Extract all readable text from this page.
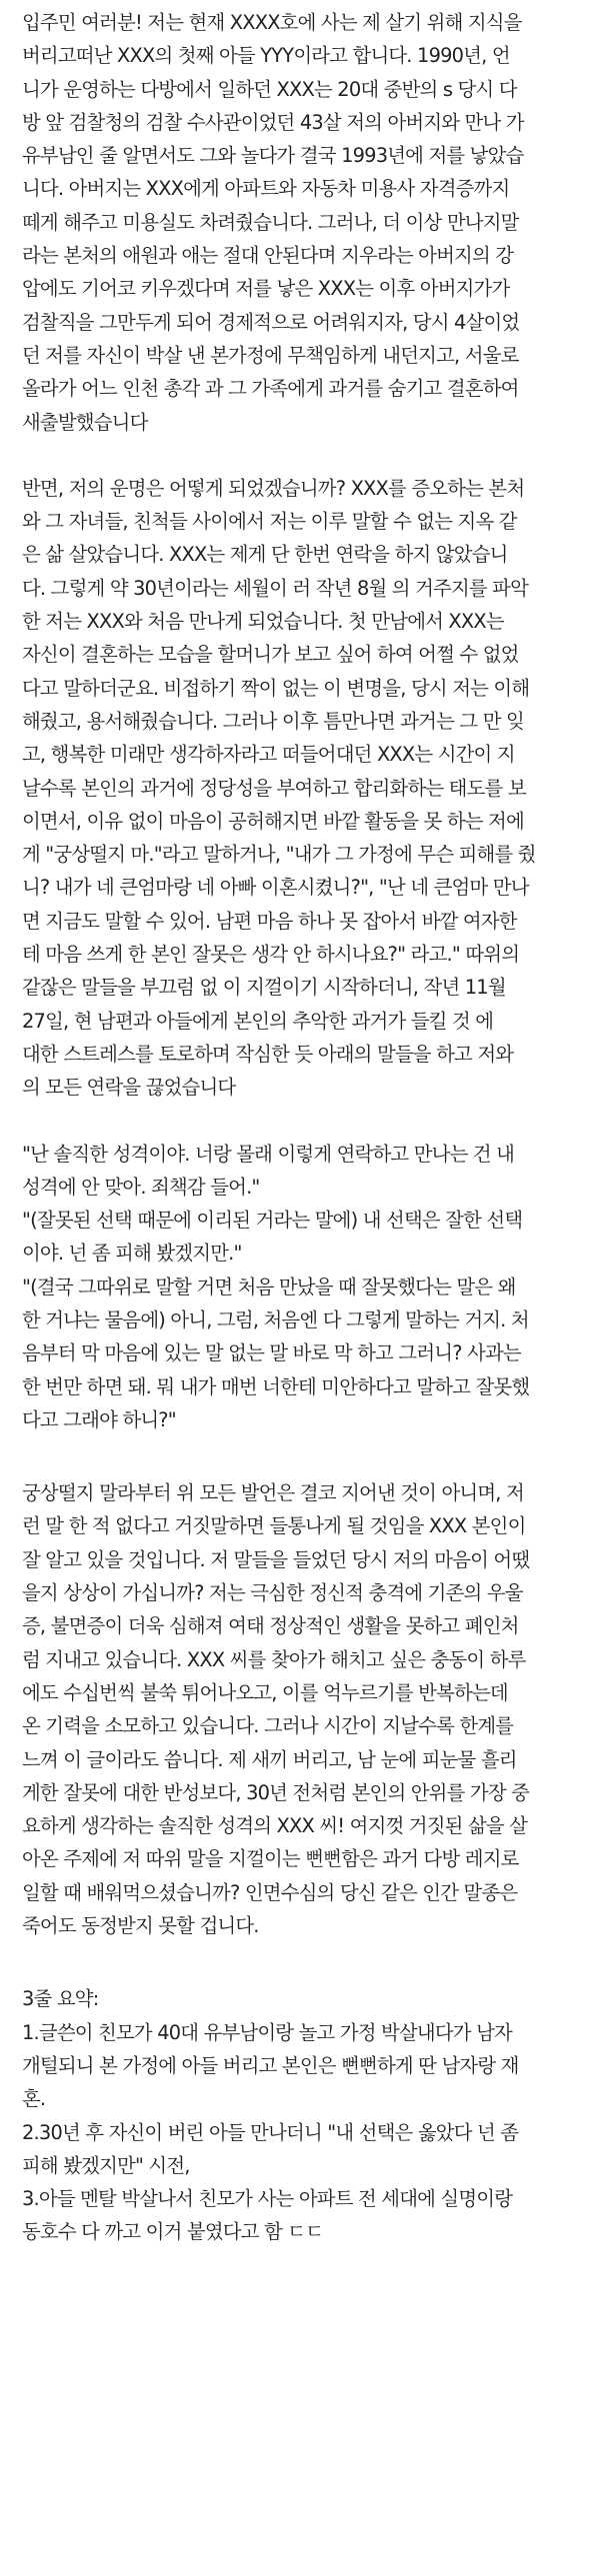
입주민 여러분! 저는 현재 XXXX호에 사는 제 살기 위해 지식을
버리고떠난 XXX의 첫째 아들 YYY이라고 합니다. 1990년, 언
니가 운영하는 다방에서 일하던 XXX는 20대 중반의 s 당시 다
방 앞 검찰청의 검찰 수사관이었던 43살 저의 아버지와 만나 가
유부남인 줄 알면서도 그와 놀다가 결국 1993년에 저를 낳았습
니다. 아버지는 XXX에게 아파트와 자동차 미용사 자격증까지
떼게 해주고 미용실도 차려줬습니다. 그러나, 더 이상 만나지말
라는 본처의 애원과 애는 절대 안된다며 지우라는 아버지의 강
압에도 기어코 키우겠다며 저를 낳은 XXX는 이후 아버지가가
검찰직을 그만두게 되어 경제적으로 어려워지자, 당시 4살이었
던 저를 자신이 박살 낸 본가정에 무책임하게 내던지고, 서울로
올라가 어느 인천 총각 과 그 가족에게 과거를 숨기고 결혼하여
새출발했습니다
반면, 저의 운명은 어떻게 되었겠습니까? XXX를 증오하는 본처
와 그 자녀들, 친척들 사이에서 저는 이루 말할 수 없는 지옥 같
은 삶 살았습니다. XXX는 제게 단 한번 연락을 하지 않았습니
다. 그렇게 약 30년이라는 세월이 러 작년 8월 의 거주지를 파악
한 저는 XXX와 처음 만나게 되었습니다. 첫 만남에서 XXX는
자신이 결혼하는 모습을 할머니가 보고 싶어 하여 어쩔 수 없었
다고 말하더군요. 비접하기 짝이 없는 이 변명을, 당시 저는 이해
해줬고, 용서해줬습니다. 그러나 이후 틈만나면 과거는 그 만 잊
고, 행복한 미래만 생각하자라고 떠들어대던 XXX는 시간이 지
날수록 본인의 과거에 정당성을 부여하고 합리화하는 태도를 보
이면서, 이유 없이 마음이 공허해지면 바깥 활동을 못 하는 저에
게 "궁상떨지 마."라고 말하거나, "내가 그 가정에 무슨 피해를 줬
니? 내가 네 큰엄마랑 네 아빠 이혼시켰니?", "난 네 큰엄마 만나
면 지금도 말할 수 있어. 남편 마음 하나 못 잡아서 바깥 여자한
테 마음 쓰게 한 본인 잘못은 생각 안 하시나요?" 라고." 따위의
같잖은 말들을 부끄럼 없 이 지껄이기 시작하더니, 작년 11월
27일, 현 남편과 아들에게 본인의 추악한 과거가 들킬 것 에
대한 스트레스를 토로하며 작심한 듯 아래의 말들을 하고 저와
의 모든 연락을 끊었습니다
"난 솔직한 성격이야. 너랑 몰래 이렇게 연락하고 만나는 건 내
성격에 안 맞아. 죄책감 들어."
"(잘못된 선택 때문에 이리된 거라는 말에) 내 선택은 잘한 선택
이야. 넌 좀 피해 봤겠지만."
"(결국 그따위로 말할 거면 처음 만났을 때 잘못했다는 말은 왜
한 거냐는 물음에) 아니, 그럼, 처음엔 다 그렇게 말하는 거지. 처
음부터 막 마음에 있는 말 없는 말 바로 막 하고 그러니? 사과는
한 번만 하면 돼. 뭐 내가 매번 너한테 미안하다고 말하고 잘못했
다고 그래야 하니?"
궁상떨지 말라부터 위 모든 발언은 결코 지어낸 것이 아니며, 저
런 말 한 적 없다고 거짓말하면 들통나게 될 것임을 XXX 본인이
잘 알고 있을 것입니다. 저 말들을 들었던 당시 저의 마음이 어땠
을지 상상이 가십니까? 저는 극심한 정신적 충격에 기존의 우울
증, 불면증이 더욱 심해져 여태 정상적인 생활을 못하고 폐인처
럼 지내고 있습니다. XXX 씨를 찾아가 해치고 싶은 충동이 하루
에도 수십번씩 불쑥 튀어나오고, 이를 억누르기를 반복하는데
온 기력을 소모하고 있습니다. 그러나 시간이 지날수록 한계를
느껴 이 글이라도 씁니다. 제 새끼 버리고, 남 눈에 피눈물 흘리
게한 잘못에 대한 반성보다, 30년 전처럼 본인의 안위를 가장 중
요하게 생각하는 솔직한 성격의 XXX 씨! 여지껏 거짓된 삶을 살
아온 주제에 저 따위 말을 지껄이는 뻔뻔함은 과거 다방 레지로
일할 때 배워먹으셨습니까? 인면수심의 당신 같은 인간 말종은
죽어도 동정받지 못할 겁니다.
3줄 요약:
1.글쓴이 친모가 40대 유부남이랑 놀고 가정 박살내다가 남자
개털되니 본 가정에 아들 버리고 본인은 뻔뻔하게 딴 남자랑 재
혼.
2.30년 후 자신이 버린 아들 만나더니 "내 선택은 옳았다 넌 좀
피해 봤겠지만" 시전,
3.아들 멘탈 박살나서 친모가 사는 아파트 전 세대에 실명이랑
동호수 다 까고 이거 붙였다고 함 ㄷㄷ
